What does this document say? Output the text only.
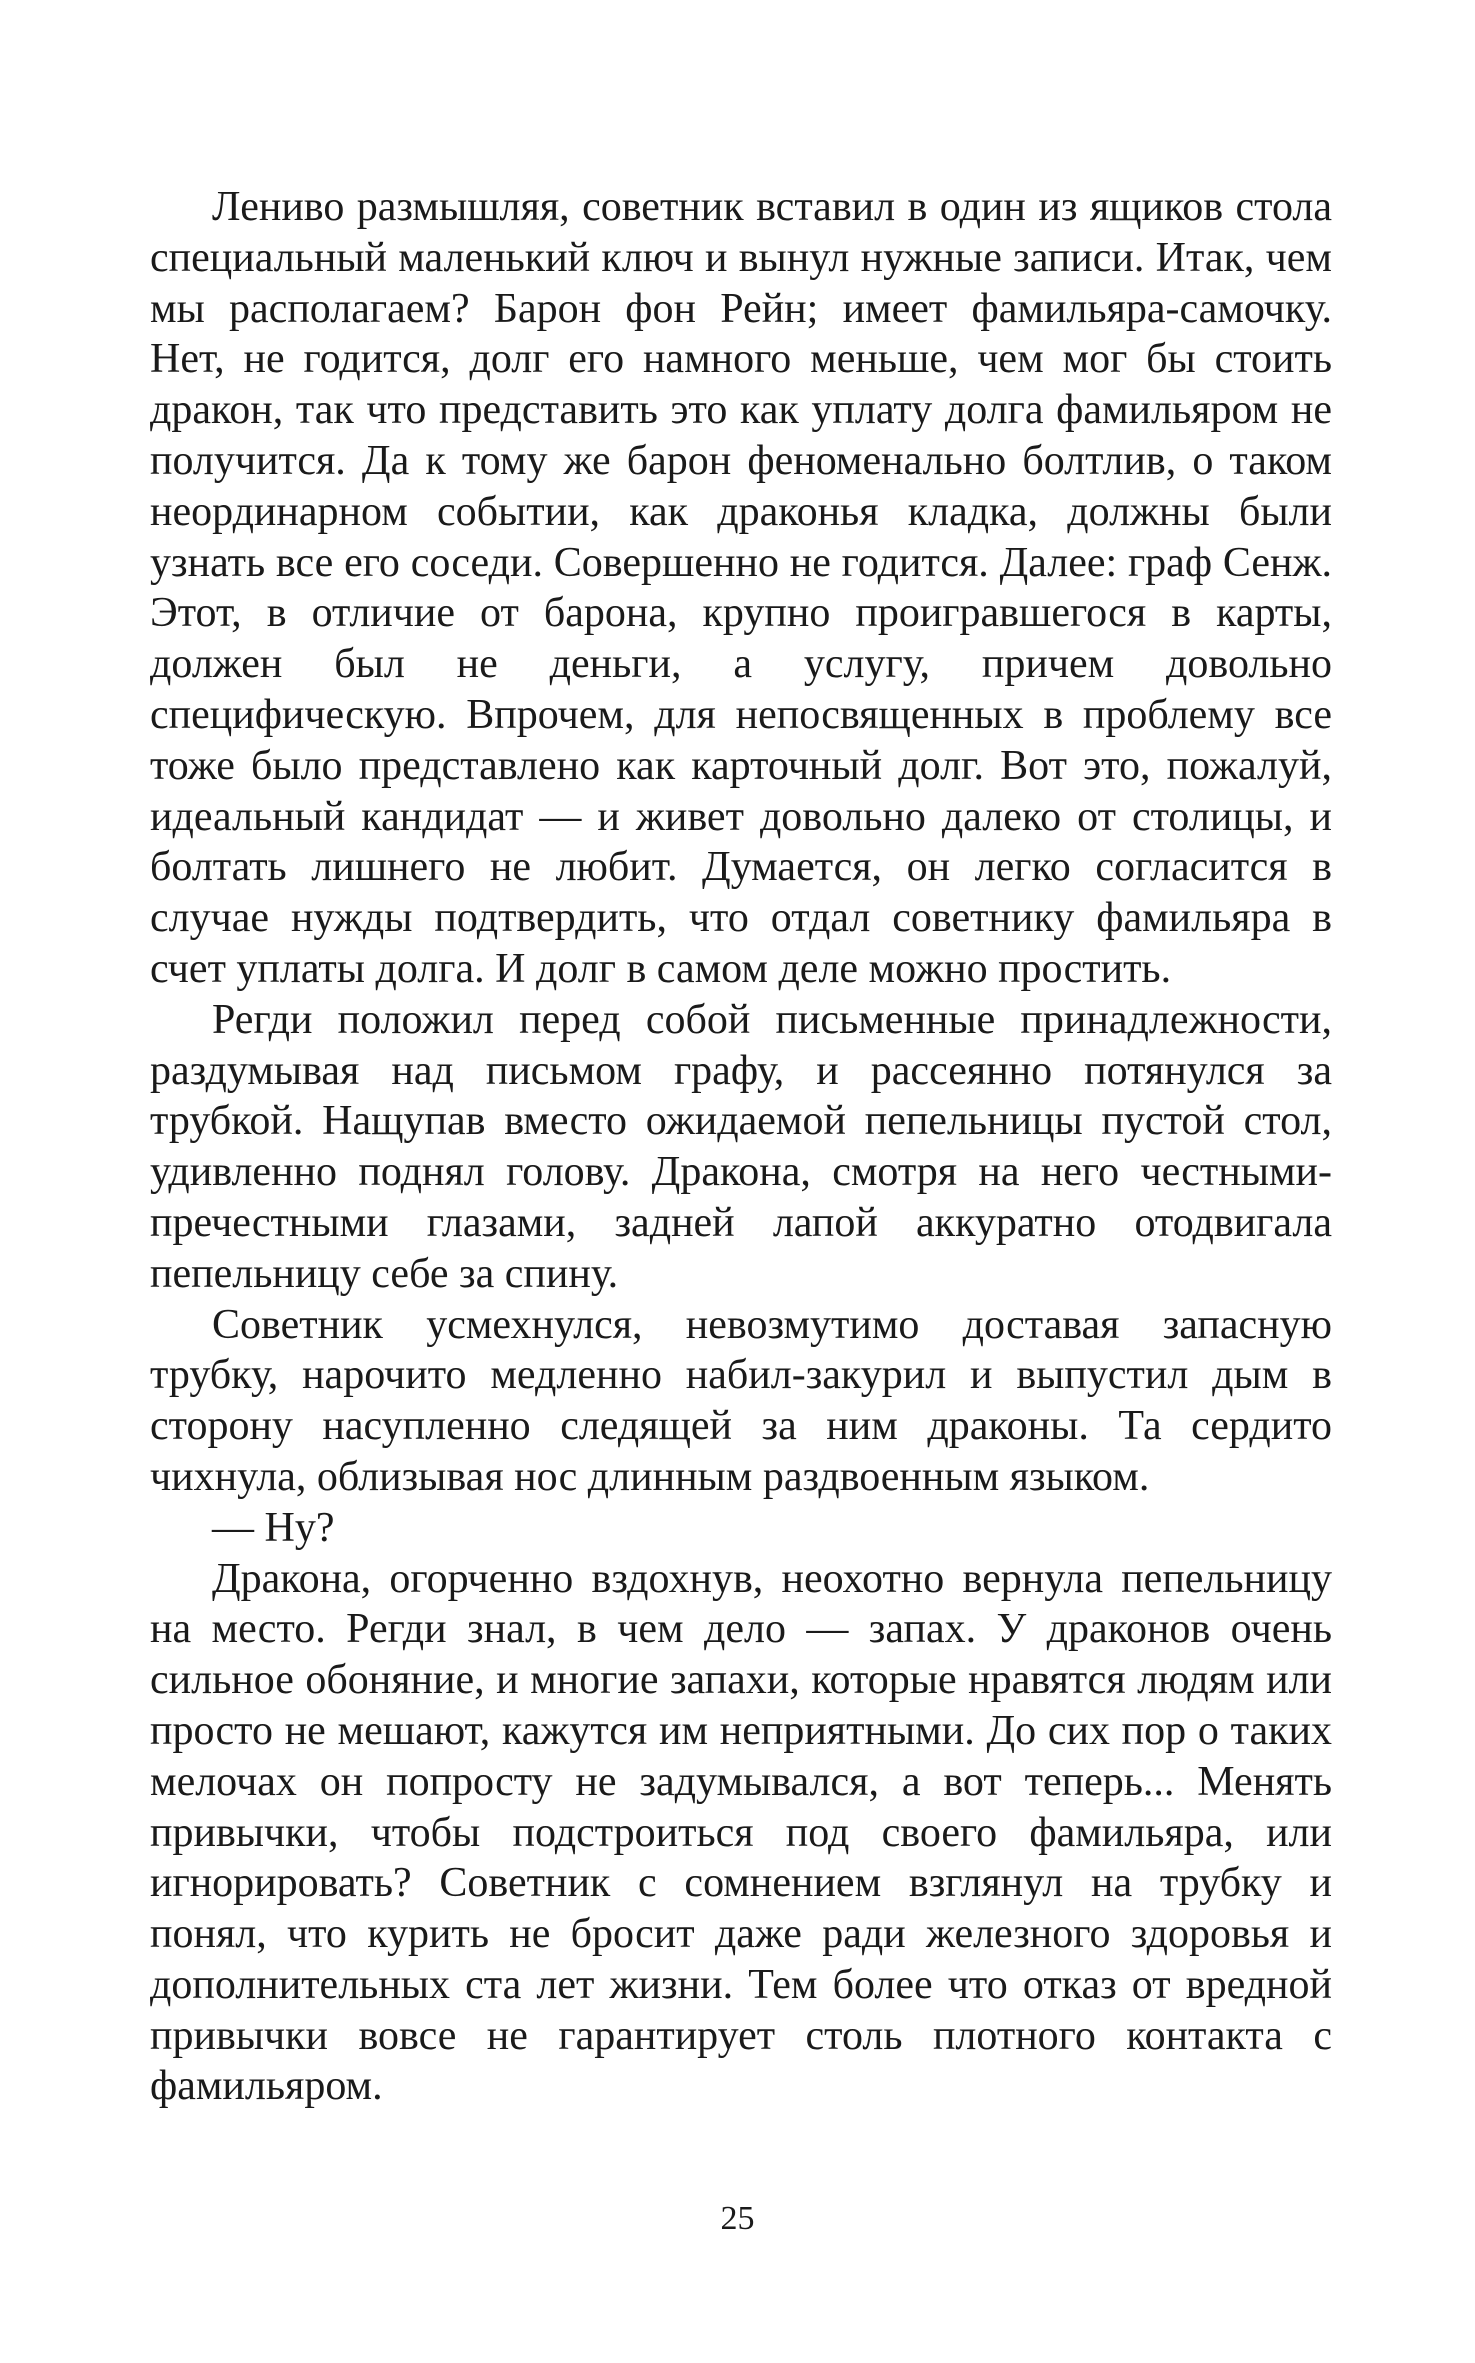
Лениво размышляя, советник вставил в один из ящиков стола специальный маленький ключ и вынул нужные записи. Итак, чем мы располагаем? Барон фон Рейн; имеет фамильяра-самочку. Нет, не годится, долг его намного меньше, чем мог бы стоить дракон, так что представить это как уплату долга фамильяром не получится. Да к тому же барон феноменально болтлив, о таком неординарном событии, как драконья кладка, должны были узнать все его соседи. Совершенно не годится. Далее: граф Сенж. Этот, в отличие от барона, крупно проигравшегося в карты, должен был не деньги, а услугу, причем довольно специфическую. Впрочем, для непосвященных в проблему все тоже было представлено как карточный долг. Вот это, пожалуй, идеальный кандидат — и живет довольно далеко от столицы, и болтать лишнего не любит. Думается, он легко согласится в случае нужды подтвердить, что отдал советнику фамильяра в счет уплаты долга. И долг в самом деле можно простить.

Регди положил перед собой письменные принадлежности, раздумывая над письмом графу, и рассеянно потянулся за трубкой. Нащупав вместо ожидаемой пепельницы пустой стол, удивленно поднял голову. Дракона, смотря на него честными-пречестными глазами, задней лапой аккуратно отодвигала пепельницу себе за спину.

Советник усмехнулся, невозмутимо доставая запасную трубку, нарочито медленно набил-закурил и выпустил дым в сторону насупленно следящей за ним драконы. Та сердито чихнула, облизывая нос длинным раздвоенным языком.

— Ну?

Дракона, огорченно вздохнув, неохотно вернула пепельницу на место. Регди знал, в чем дело — запах. У драконов очень сильное обоняние, и многие запахи, которые нравятся людям или просто не мешают, кажутся им неприятными. До сих пор о таких мелочах он попросту не задумывался, а вот теперь... Менять привычки, чтобы подстроиться под своего фамильяра, или игнорировать? Советник с сомнением взглянул на трубку и понял, что курить не бросит даже ради железного здоровья и дополнительных ста лет жизни. Тем более что отказ от вредной привычки вовсе не гарантирует столь плотного контакта с фамильяром.

25
